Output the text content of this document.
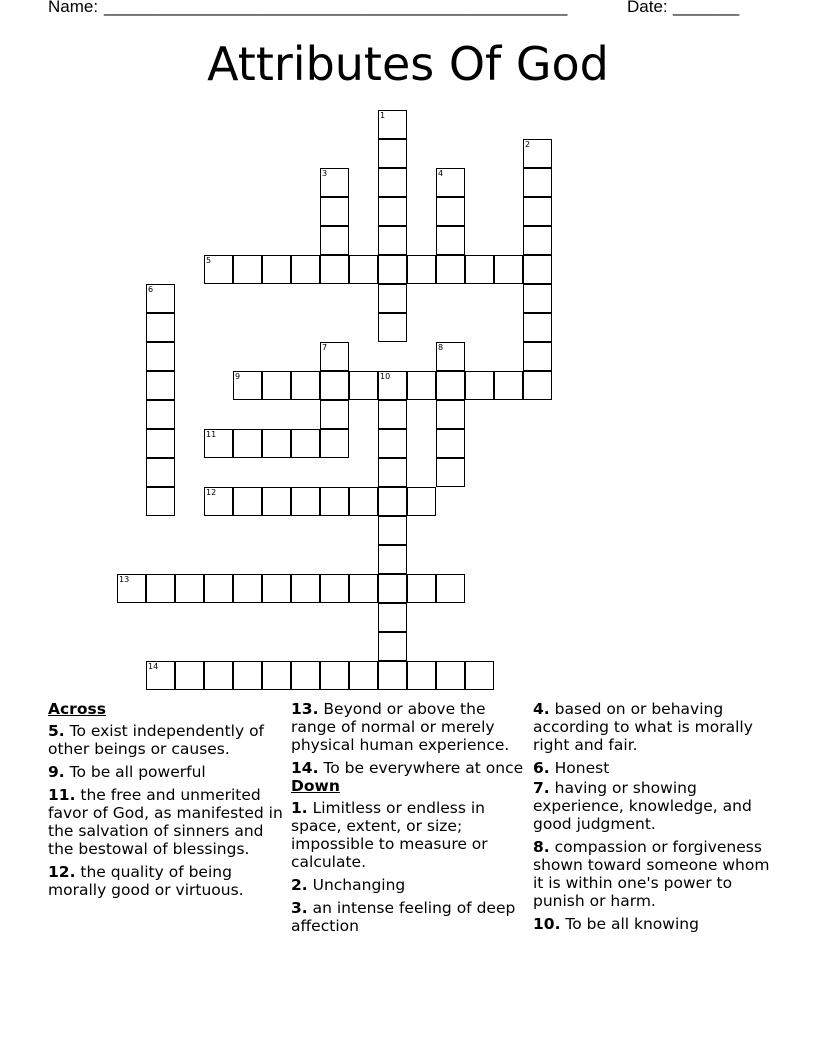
Name: _________________________________________________	Date: _______
Attributes Of God
1
2
3	4
5
6
7	8
9	10
11
12
13
14
Across
5. To exist independently of other beings or causes.
9. To be all powerful
11. the free and unmerited favor of God, as manifested in the salvation of sinners and the bestowal of blessings.
12. the quality of being morally good or virtuous.
13. Beyond or above the range of normal or merely physical human experience.
14. To be everywhere at once
Down
1. Limitless or endless in space, extent, or size; impossible to measure or calculate.
2. Unchanging
3. an intense feeling of deep affection
4. based on or behaving according to what is morally right and fair.
6. Honest
7. having or showing experience, knowledge, and good judgment.
8. compassion or forgiveness shown toward someone whom it is within one's power to punish or harm.
10. To be all knowing
